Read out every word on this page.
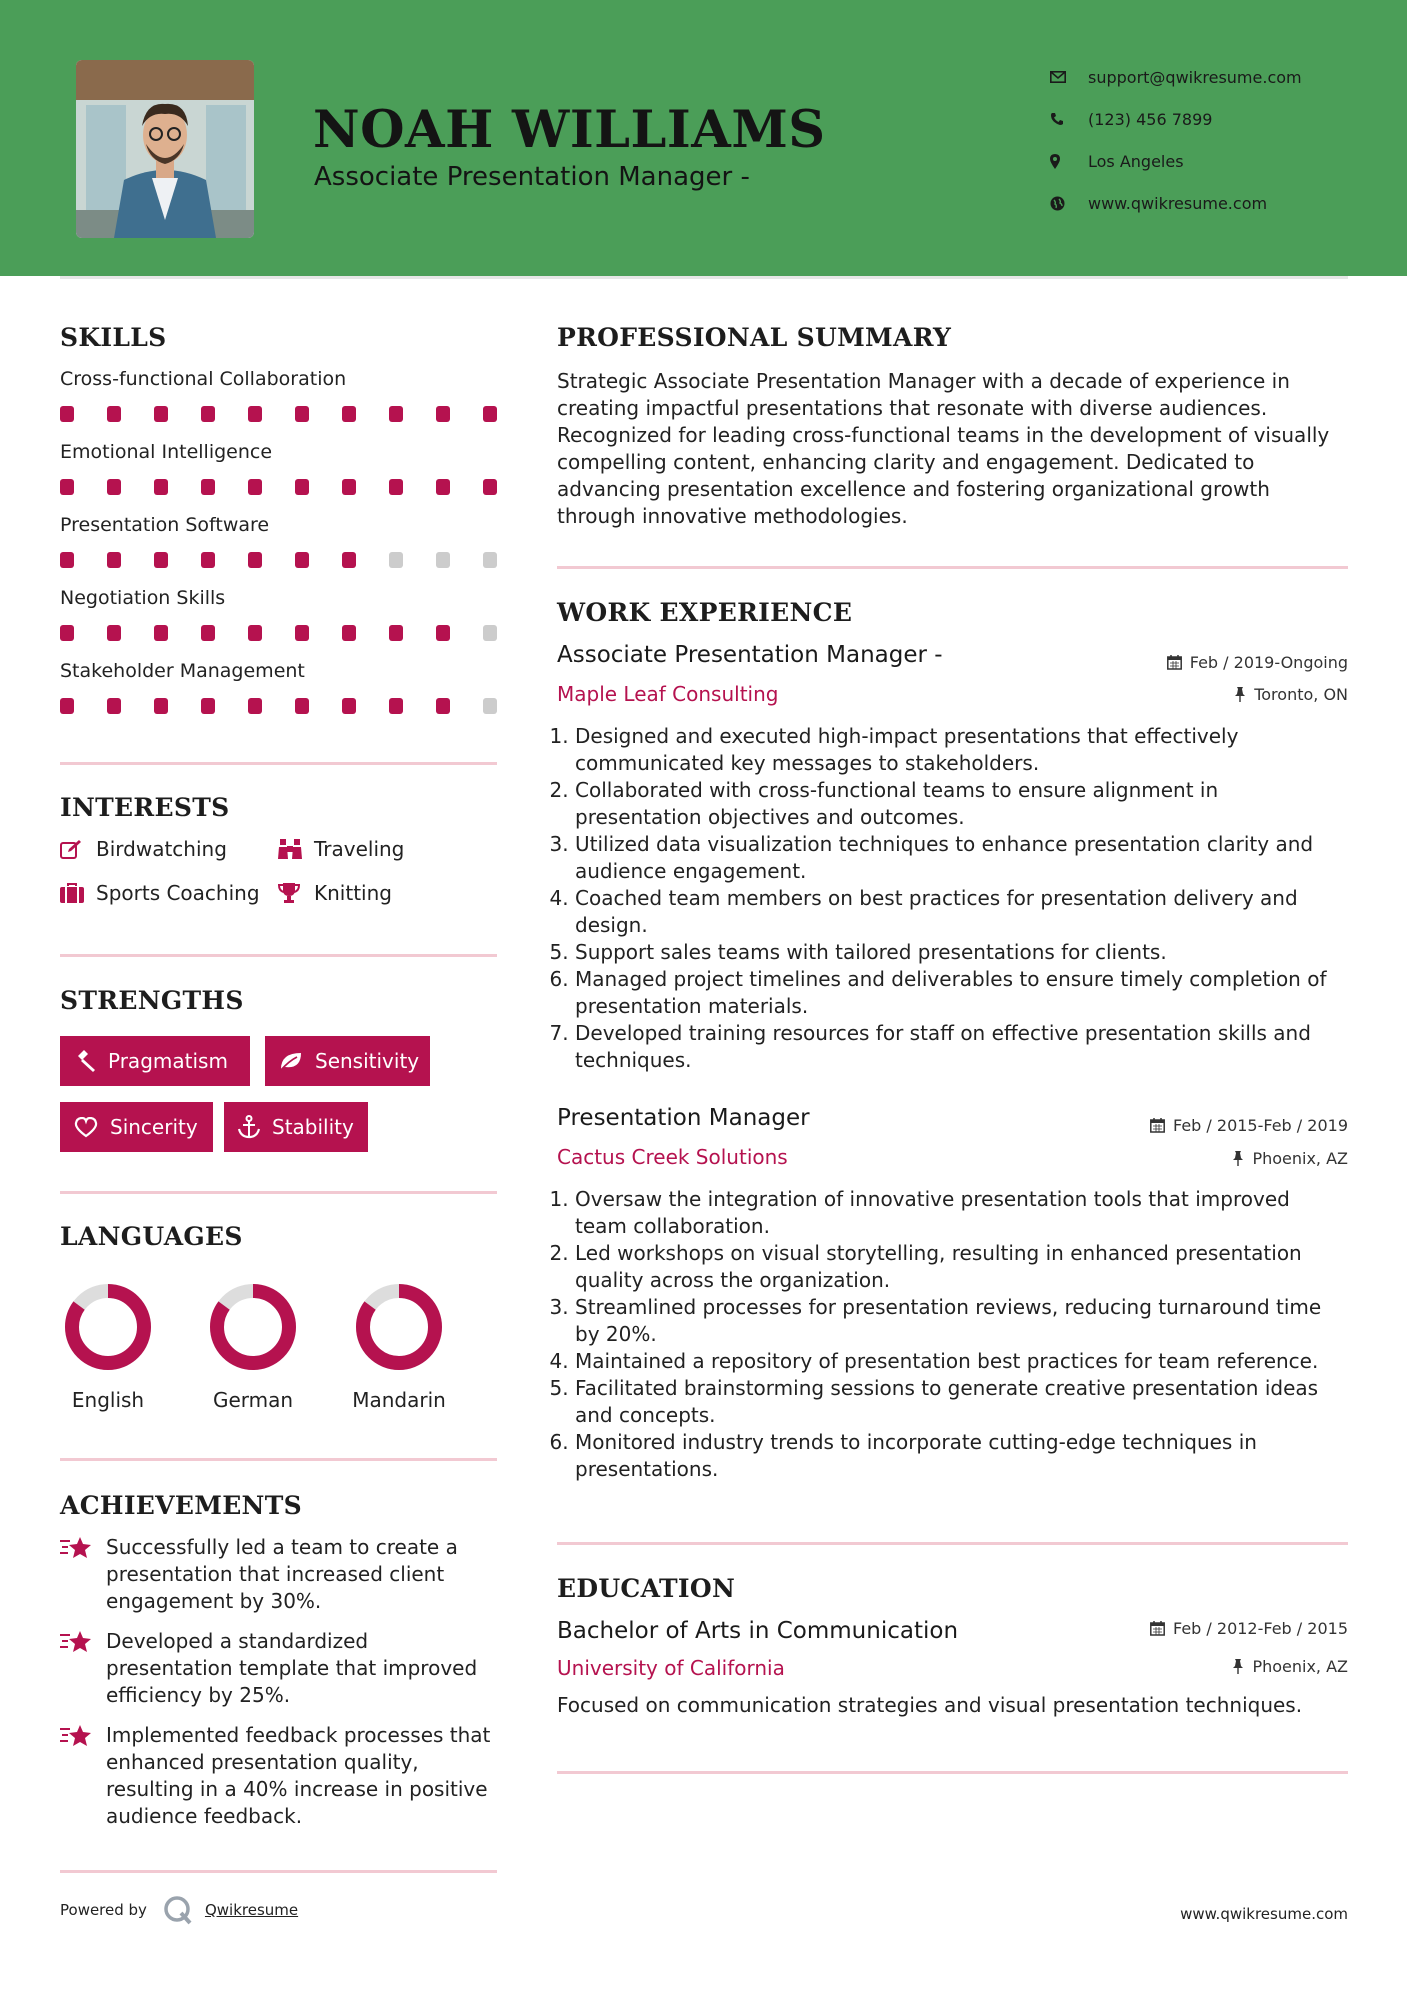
NOAH WILLIAMS
Associate Presentation Manager -
support@qwikresume.com
(123) 456 7899
Los Angeles
www.qwikresume.com
SKILLS
Cross-functional Collaboration
Emotional Intelligence
Presentation Software
Negotiation Skills
Stakeholder Management
INTERESTS
Birdwatching	Traveling
Sports Coaching	Knitting
STRENGTHS
Pragmatism	Sensitivity
Sincerity	Stability
LANGUAGES
English	German	Mandarin
ACHIEVEMENTS
Successfully led a team to create a presentation that increased client engagement by 30%.
Developed a standardized presentation template that improved efficiency by 25%.
Implemented feedback processes that enhanced presentation quality, resulting in a 40% increase in positive audience feedback.
PROFESSIONAL SUMMARY
Strategic Associate Presentation Manager with a decade of experience in creating impactful presentations that resonate with diverse audiences. Recognized for leading cross-functional teams in the development of visually compelling content, enhancing clarity and engagement. Dedicated to advancing presentation excellence and fostering organizational growth through innovative methodologies.
WORK EXPERIENCE
Associate Presentation Manager -	Feb / 2019-Ongoing
Maple Leaf Consulting	Toronto, ON
1. Designed and executed high-impact presentations that effectively communicated key messages to stakeholders.
2. Collaborated with cross-functional teams to ensure alignment in presentation objectives and outcomes.
3. Utilized data visualization techniques to enhance presentation clarity and audience engagement.
4. Coached team members on best practices for presentation delivery and design.
5. Support sales teams with tailored presentations for clients.
6. Managed project timelines and deliverables to ensure timely completion of presentation materials.
7. Developed training resources for staff on effective presentation skills and techniques.
Presentation Manager	Feb / 2015-Feb / 2019
Cactus Creek Solutions	Phoenix, AZ
1. Oversaw the integration of innovative presentation tools that improved team collaboration.
2. Led workshops on visual storytelling, resulting in enhanced presentation quality across the organization.
3. Streamlined processes for presentation reviews, reducing turnaround time by 20%.
4. Maintained a repository of presentation best practices for team reference.
5. Facilitated brainstorming sessions to generate creative presentation ideas and concepts.
6. Monitored industry trends to incorporate cutting-edge techniques in presentations.
EDUCATION
Bachelor of Arts in Communication	Feb / 2012-Feb / 2015
University of California	Phoenix, AZ
Focused on communication strategies and visual presentation techniques.
Powered by	Qwikresume	www.qwikresume.com
